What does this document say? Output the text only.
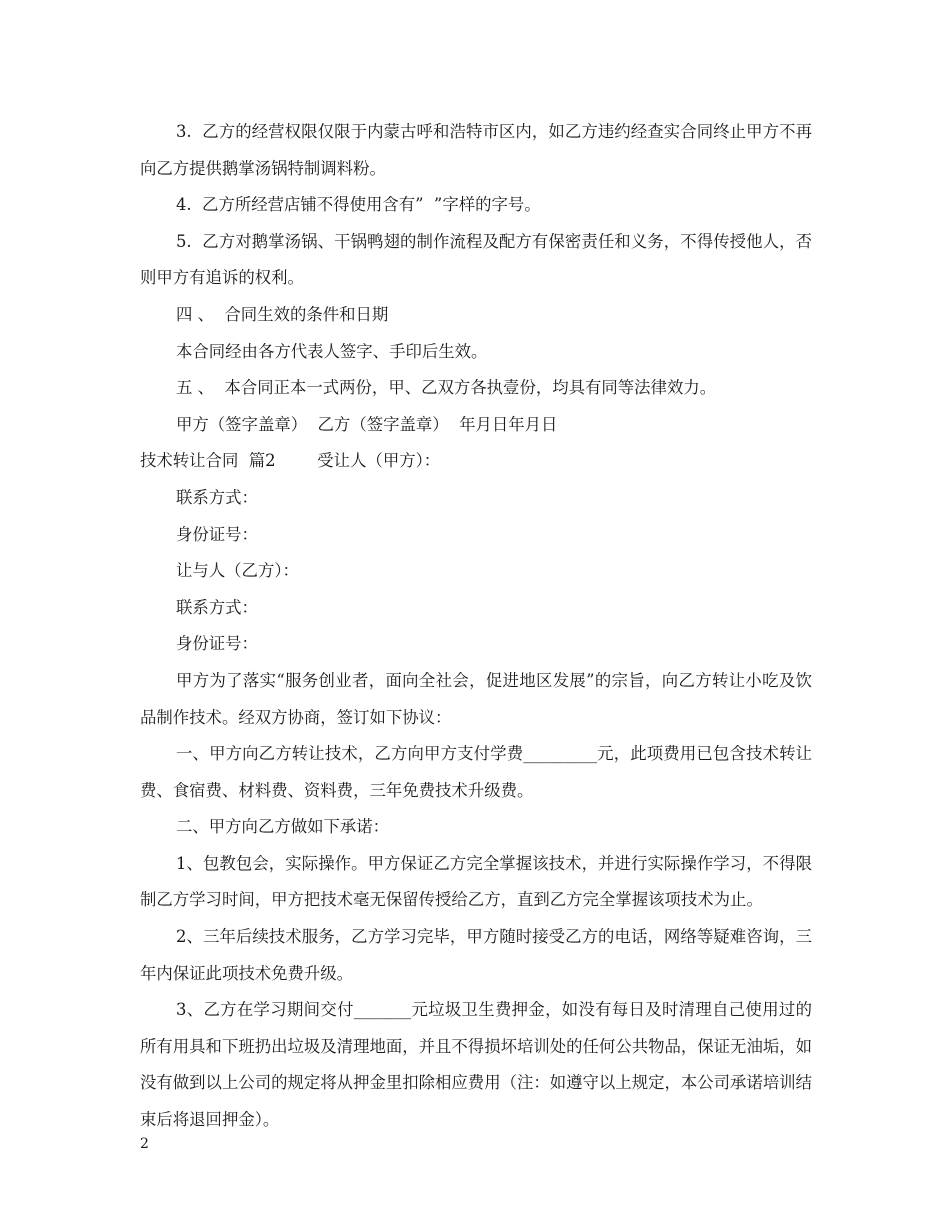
3.  乙方的经营权限仅限于内蒙古呼和浩特市区内，如乙方违约经查实合同终止甲方不再向乙方提供鹅掌汤锅特制调料粉。

4.  乙方所经营店铺不得使用含有”  ”字样的字号。

5.  乙方对鹅掌汤锅、干锅鸭翅的制作流程及配方有保密责任和义务，不得传授他人，否则甲方有追诉的权利。

四 、  合同生效的条件和日期

本合同经由各方代表人签字、手印后生效。

五 、  本合同正本一式两份，甲、乙双方各执壹份，均具有同等法律效力。

甲方（签字盖章）  乙方（签字盖章）  年月日年月日

技术转让合同  篇2        受让人（甲方）：

联系方式：

身份证号：

让与人（乙方）：

联系方式：

身份证号：

甲方为了落实“服务创业者，面向全社会，促进地区发展”的宗旨，向乙方转让小吃及饮品制作技术。经双方协商，签订如下协议：

一、甲方向乙方转让技术，乙方向甲方支付学费_________元，此项费用已包含技术转让费、食宿费、材料费、资料费，三年免费技术升级费。

二、甲方向乙方做如下承诺：

1、包教包会，实际操作。甲方保证乙方完全掌握该技术，并进行实际操作学习，不得限制乙方学习时间，甲方把技术毫无保留传授给乙方，直到乙方完全掌握该项技术为止。

2、三年后续技术服务，乙方学习完毕，甲方随时接受乙方的电话，网络等疑难咨询，三年内保证此项技术免费升级。

3、乙方在学习期间交付_______元垃圾卫生费押金，如没有每日及时清理自己使用过的所有用具和下班扔出垃圾及清理地面，并且不得损坏培训处的任何公共物品，保证无油垢，如没有做到以上公司的规定将从押金里扣除相应费用（注：如遵守以上规定，本公司承诺培训结束后将退回押金）。

2
